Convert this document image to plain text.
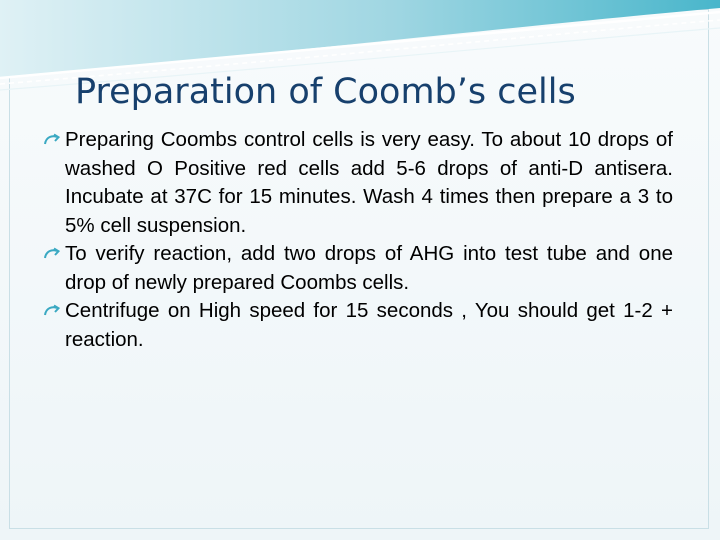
Preparation of Coomb’s cells
Preparing Coombs control cells is very easy. To about 10 drops of washed O Positive red cells add 5-6 drops of anti-D antisera. Incubate at 37C for 15 minutes. Wash 4 times then prepare a 3 to 5% cell suspension.
To verify reaction, add two drops of AHG into test tube and one drop of newly prepared Coombs cells.
Centrifuge on High speed for 15 seconds , You should get 1-2 + reaction.
